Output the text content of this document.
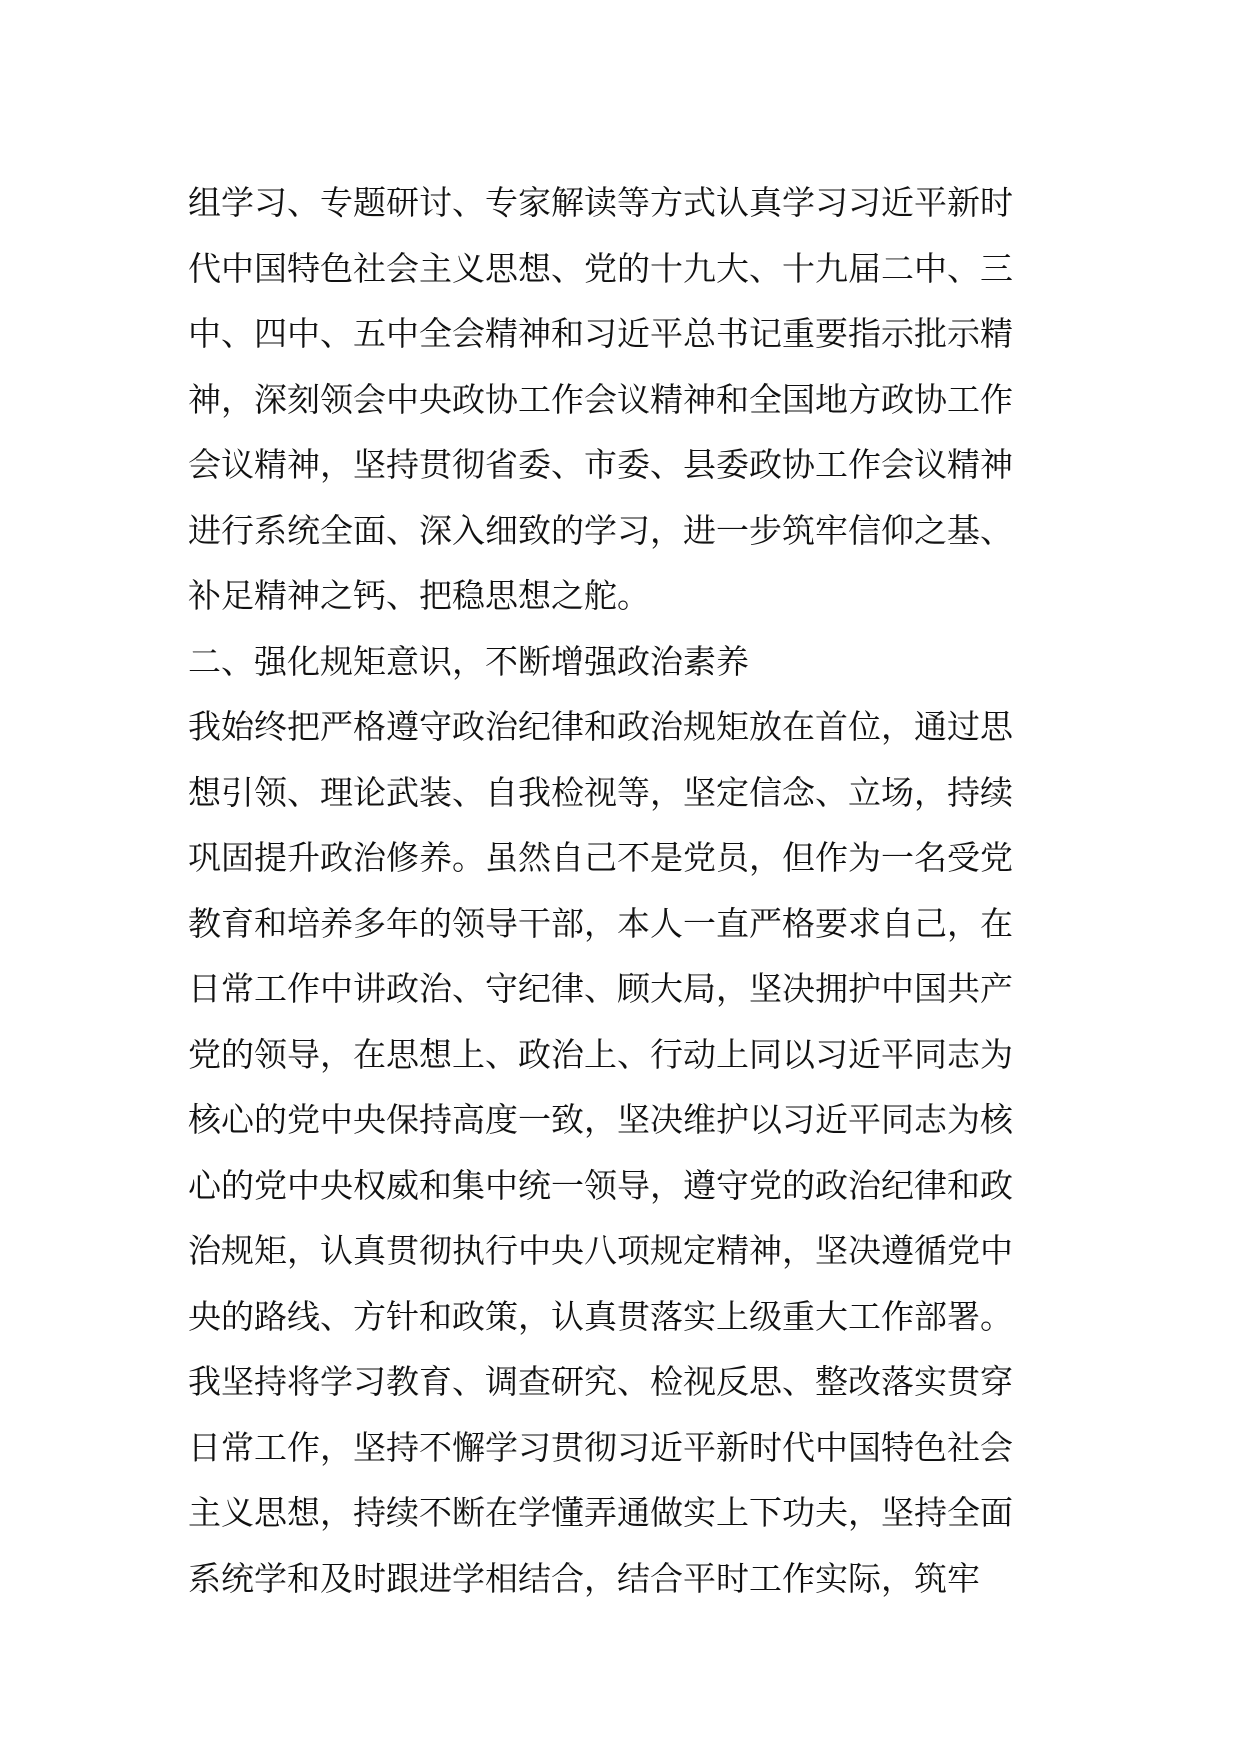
组学习、专题研讨、专家解读等方式认真学习习近平新时
代中国特色社会主义思想、党的十九大、十九届二中、三
中、四中、五中全会精神和习近平总书记重要指示批示精
神，深刻领会中央政协工作会议精神和全国地方政协工作
会议精神，坚持贯彻省委、市委、县委政协工作会议精神
进行系统全面、深入细致的学习，进一步筑牢信仰之基、
补足精神之钙、把稳思想之舵。
二、强化规矩意识，不断增强政治素养
我始终把严格遵守政治纪律和政治规矩放在首位，通过思
想引领、理论武装、自我检视等，坚定信念、立场，持续
巩固提升政治修养。虽然自己不是党员，但作为一名受党
教育和培养多年的领导干部，本人一直严格要求自己，在
日常工作中讲政治、守纪律、顾大局，坚决拥护中国共产
党的领导，在思想上、政治上、行动上同以习近平同志为
核心的党中央保持高度一致，坚决维护以习近平同志为核
心的党中央权威和集中统一领导，遵守党的政治纪律和政
治规矩，认真贯彻执行中央八项规定精神，坚决遵循党中
央的路线、方针和政策，认真贯落实上级重大工作部署。
我坚持将学习教育、调查研究、检视反思、整改落实贯穿
日常工作，坚持不懈学习贯彻习近平新时代中国特色社会
主义思想，持续不断在学懂弄通做实上下功夫，坚持全面
系统学和及时跟进学相结合，结合平时工作实际，筑牢
